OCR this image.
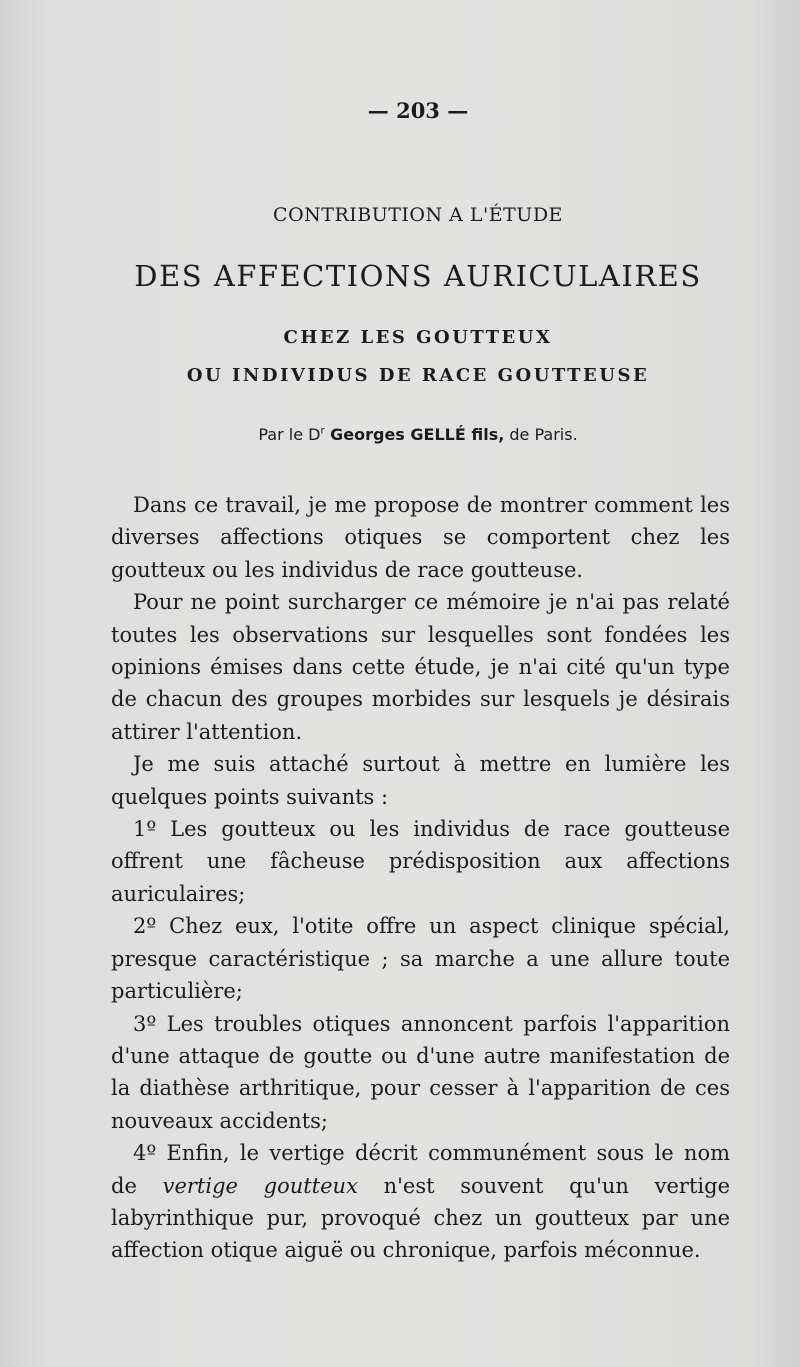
— 203 —
CONTRIBUTION A L'ÉTUDE
DES AFFECTIONS AURICULAIRES
CHEZ LES GOUTTEUX
OU INDIVIDUS DE RACE GOUTTEUSE
Par le $D^r$ Georges GELLÉ fils, de Paris.

Dans ce travail, je me propose de montrer comment les diverses affections otiques se comportent chez les goutteux ou les individus de race goutteuse.

Pour ne point surcharger ce mémoire je n'ai pas relaté toutes les observations sur lesquelles sont fondées les opinions émises dans cette étude, je n'ai cité qu'un type de chacun des groupes morbides sur lesquels je désirais attirer l'attention.

Je me suis attaché surtout à mettre en lumière les quelques points suivants :

1º Les goutteux ou les individus de race goutteuse offrent une fâcheuse prédisposition aux affections auriculaires;

2º Chez eux, l'otite offre un aspect clinique spécial, presque caractéristique ; sa marche a une allure toute particulière;

3º Les troubles otiques annoncent parfois l'apparition d'une attaque de goutte ou d'une autre manifestation de la diathèse arthritique, pour cesser à l'apparition de ces nouveaux accidents;

4º Enfin, le vertige décrit communément sous le nom de vertige goutteux n'est souvent qu'un vertige labyrinthique pur, provoqué chez un goutteux par une affection otique aiguë ou chronique, parfois méconnue.
